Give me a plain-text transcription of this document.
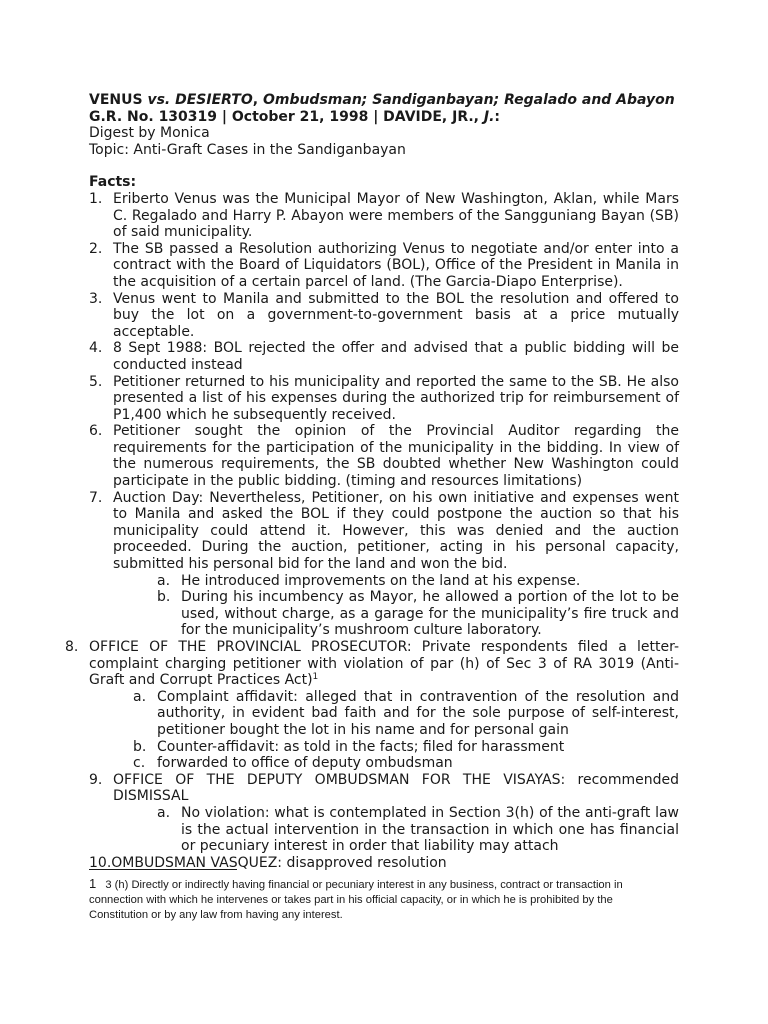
VENUS vs. DESIERTO, Ombudsman; Sandiganbayan; Regalado and Abayon
G.R. No. 130319 | October 21, 1998 | DAVIDE, JR., J.:
Digest by Monica
Topic: Anti-Graft Cases in the Sandiganbayan
Facts:
1. Eriberto Venus was the Municipal Mayor of New Washington, Aklan, while Mars C. Regalado and Harry P. Abayon were members of the Sangguniang Bayan (SB) of said municipality.
2. The SB passed a Resolution authorizing Venus to negotiate and/or enter into a contract with the Board of Liquidators (BOL), Office of the President in Manila in the acquisition of a certain parcel of land. (The Garcia-Diapo Enterprise).
3. Venus went to Manila and submitted to the BOL the resolution and offered to buy the lot on a government-to-government basis at a price mutually acceptable.
4. 8 Sept 1988: BOL rejected the offer and advised that a public bidding will be conducted instead
5. Petitioner returned to his municipality and reported the same to the SB. He also presented a list of his expenses during the authorized trip for reimbursement of P1,400 which he subsequently received.
6. Petitioner sought the opinion of the Provincial Auditor regarding the requirements for the participation of the municipality in the bidding. In view of the numerous requirements, the SB doubted whether New Washington could participate in the public bidding. (timing and resources limitations)
7. Auction Day: Nevertheless, Petitioner, on his own initiative and expenses went to Manila and asked the BOL if they could postpone the auction so that his municipality could attend it. However, this was denied and the auction proceeded. During the auction, petitioner, acting in his personal capacity, submitted his personal bid for the land and won the bid.
a. He introduced improvements on the land at his expense.
b. During his incumbency as Mayor, he allowed a portion of the lot to be used, without charge, as a garage for the municipality’s fire truck and for the municipality’s mushroom culture laboratory.
8. OFFICE OF THE PROVINCIAL PROSECUTOR: Private respondents filed a letter-complaint charging petitioner with violation of par (h) of Sec 3 of RA 3019 (Anti-Graft and Corrupt Practices Act)$^1$
a. Complaint affidavit: alleged that in contravention of the resolution and authority, in evident bad faith and for the sole purpose of self-interest, petitioner bought the lot in his name and for personal gain
b. Counter-affidavit: as told in the facts; filed for harassment
c. forwarded to office of deputy ombudsman
9. OFFICE OF THE DEPUTY OMBUDSMAN FOR THE VISAYAS: recommended DISMISSAL
a. No violation: what is contemplated in Section 3(h) of the anti-graft law is the actual intervention in the transaction in which one has financial or pecuniary interest in order that liability may attach
10.OMBUDSMAN VASQUEZ: disapproved resolution
1 3 (h) Directly or indirectly having financial or pecuniary interest in any business, contract or transaction in connection with which he intervenes or takes part in his official capacity, or in which he is prohibited by the Constitution or by any law from having any interest.
